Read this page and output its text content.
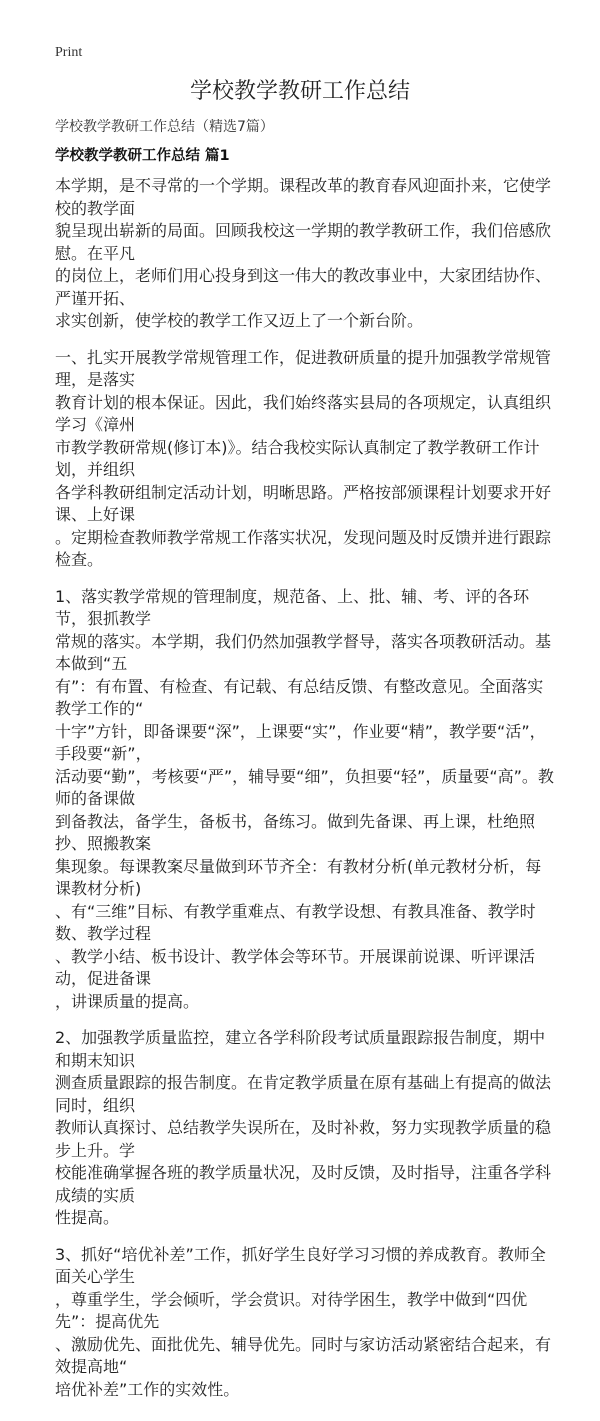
Print
学校教学教研工作总结
学校教学教研工作总结（精选7篇）
学校教学教研工作总结 篇1
本学期，是不寻常的一个学期。课程改革的教育春风迎面扑来，它使学校的教学面
貌呈现出崭新的局面。回顾我校这一学期的教学教研工作，我们倍感欣慰。在平凡
的岗位上，老师们用心投身到这一伟大的教改事业中，大家团结协作、严谨开拓、
求实创新，使学校的教学工作又迈上了一个新台阶。
一、扎实开展教学常规管理工作，促进教研质量的提升加强教学常规管理，是落实
教育计划的根本保证。因此，我们始终落实县局的各项规定，认真组织学习《漳州
市教学教研常规(修订本)》。结合我校实际认真制定了教学教研工作计划，并组织
各学科教研组制定活动计划，明晰思路。严格按部颁课程计划要求开好课、上好课
。定期检查教师教学常规工作落实状况，发现问题及时反馈并进行跟踪检查。
1、落实教学常规的管理制度，规范备、上、批、辅、考、评的各环节，狠抓教学
常规的落实。本学期，我们仍然加强教学督导，落实各项教研活动。基本做到“五
有”：有布置、有检查、有记载、有总结反馈、有整改意见。全面落实教学工作的“
十字”方针，即备课要“深”，上课要“实”，作业要“精”，教学要“活”，手段要“新”，
活动要“勤”，考核要“严”，辅导要“细”，负担要“轻”，质量要“高”。教师的备课做
到备教法，备学生，备板书，备练习。做到先备课、再上课，杜绝照抄、照搬教案
集现象。每课教案尽量做到环节齐全：有教材分析(单元教材分析，每课教材分析)
、有“三维”目标、有教学重难点、有教学设想、有教具准备、教学时数、教学过程
、教学小结、板书设计、教学体会等环节。开展课前说课、听评课活动，促进备课
，讲课质量的提高。
2、加强教学质量监控，建立各学科阶段考试质量跟踪报告制度，期中和期末知识
测查质量跟踪的报告制度。在肯定教学质量在原有基础上有提高的做法同时，组织
教师认真探讨、总结教学失误所在，及时补救，努力实现教学质量的稳步上升。学
校能准确掌握各班的教学质量状况，及时反馈，及时指导，注重各学科成绩的实质
性提高。
3、抓好“培优补差”工作，抓好学生良好学习习惯的养成教育。教师全面关心学生
，尊重学生，学会倾听，学会赏识。对待学困生，教学中做到“四优先”：提高优先
、激励优先、面批优先、辅导优先。同时与家访活动紧密结合起来，有效提高地“
培优补差”工作的实效性。
